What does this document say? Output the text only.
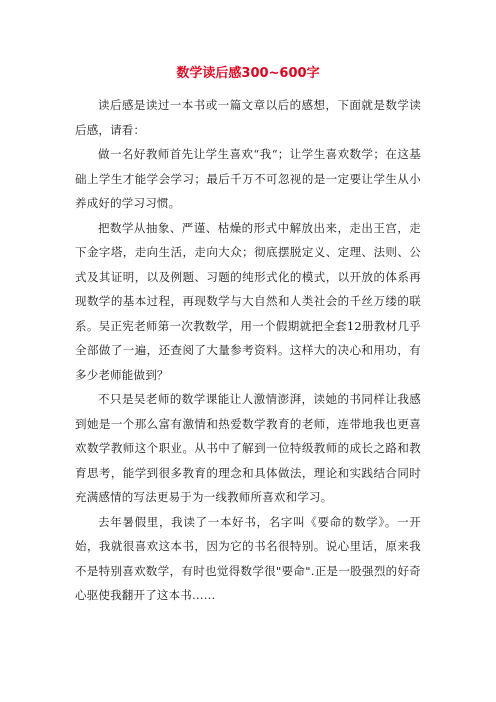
数学读后感300~600字

读后感是读过一本书或一篇文章以后的感想，下面就是数学读后感，请看：

做一名好教师首先让学生喜欢“我“；让学生喜欢数学；在这基础上学生才能学会学习；最后千万不可忽视的是一定要让学生从小养成好的学习习惯。

把数学从抽象、严谨、枯燥的形式中解放出来，走出王宫，走下金字塔，走向生活，走向大众；彻底摆脱定义、定理、法则、公式及其证明，以及例题、习题的纯形式化的模式，以开放的体系再现数学的基本过程，再现数学与大自然和人类社会的千丝万缕的联系。吴正宪老师第一次教数学，用一个假期就把全套12册教材几乎全部做了一遍，还查阅了大量参考资料。这样大的决心和用功，有多少老师能做到？

不只是吴老师的数学课能让人激情澎湃，读她的书同样让我感到她是一个那么富有激情和热爱数学教育的老师，连带地我也更喜欢数学教师这个职业。从书中了解到一位特级教师的成长之路和教育思考，能学到很多教育的理念和具体做法，理论和实践结合同时充满感情的写法更易于为一线教师所喜欢和学习。

去年暑假里，我读了一本好书，名字叫《要命的数学》。一开始，我就很喜欢这本书，因为它的书名很特别。说心里话，原来我不是特别喜欢数学，有时也觉得数学很"要命".正是一股强烈的好奇心驱使我翻开了这本书……
